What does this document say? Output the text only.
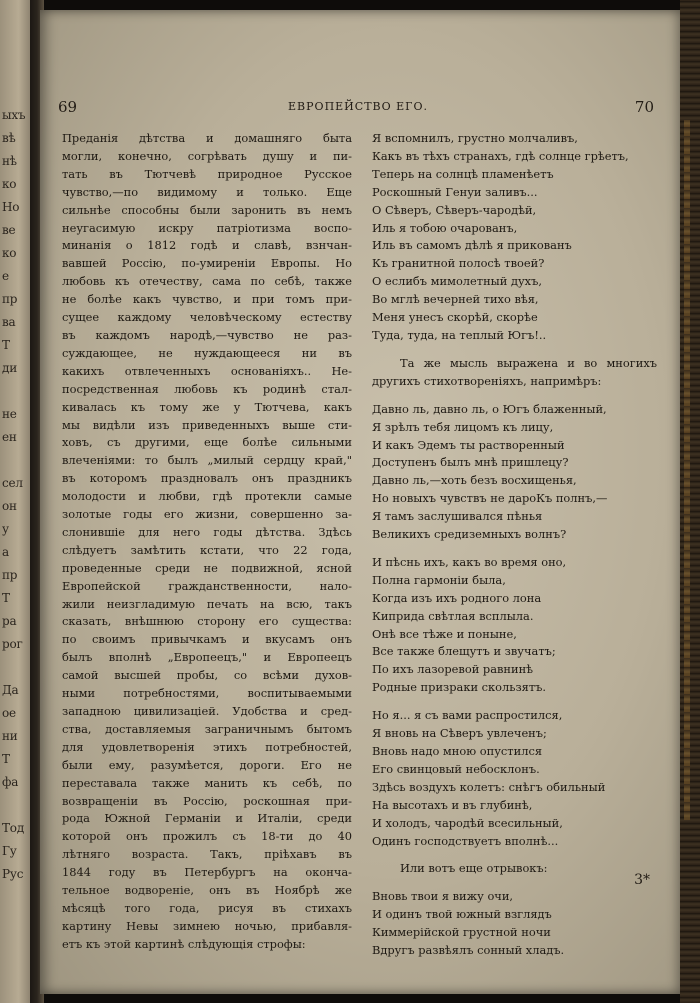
ыхъ
вѣ
нѣ
ко
Но
ве
ко
е
пр
ва
Т
ди
не
ен
сел
он
у
а
пр
Т
ра
рог
Да
ое
ни
Т
фа
Тод
Гу
Рус
69	ЕВРОПЕЙСТВО ЕГО.	70
Преданія дѣтства и домашняго быта
могли, конечно, согрѣвать душу и пи-
тать въ Тютчевѣ природное Русское
чувство,—по видимому и только. Еще
сильнѣе способны были заронить въ немъ
неугасимую искру патріотизма воспо-
минанія о 1812 годѣ и славѣ, взнчан-
вавшей Россію, по-умиреніи Европы. Но
любовь къ отечеству, сама по себѣ, также
не болѣе какъ чувство, и при томъ при-
сущее каждому человѣческому естеству
въ каждомъ народѣ,—чувство не раз-
суждающее, не нуждающееся ни въ
какихъ отвлеченныхъ основаніяхъ.. Не-
посредственная любовь къ родинѣ стал-
кивалась къ тому же у Тютчева, какъ
мы видѣли изъ приведенныхъ выше сти-
ховъ, съ другими, еще болѣе сильными
влеченіями: то былъ „милый сердцу край,"
въ которомъ праздновалъ онъ праздникъ
молодости и любви, гдѣ протекли самые
золотые годы его жизни, совершенно за-
слонившіе для него годы дѣтства. Здѣсь
слѣдуетъ замѣтить кстати, что 22 года,
проведенные среди не подвижной, ясной
Европейской гражданственности, нало-
жили неизгладимую печать на всю, такъ
сказать, внѣшнюю сторону его существа:
по своимъ привычкамъ и вкусамъ онъ
былъ вполнѣ „Европеецъ," и Европеецъ
самой высшей пробы, со всѣми духов-
ными потребностями, воспитываемыми
западною цивилизаціей. Удобства и сред-
ства, доставляемыя заграничнымъ бытомъ
для удовлетворенія этихъ потребностей,
были ему, разумѣется, дороги. Его не
переставала также манить къ себѣ, по
возвращеніи въ Россію, роскошная при-
рода Южной Германіи и Италіи, среди
которой онъ прожилъ съ 18-ти до 40
лѣтняго возраста. Такъ, пріѣхавъ въ
1844 году въ Петербургъ на оконча-
тельное водвореніе, онъ въ Ноябрѣ же
мѣсяцѣ того года, рисуя въ стихахъ
картину Невы зимнею ночью, прибавля-
етъ къ этой картинѣ слѣдующія строфы:
Я вспомнилъ, грустно молчаливъ,
Какъ въ тѣхъ странахъ, гдѣ солнце грѣетъ,
Теперь на солнцѣ пламенѣетъ
Роскошный Генуи заливъ...
О Сѣверъ, Сѣверъ-чародѣй,
Иль я тобою очарованъ,
Иль въ самомъ дѣлѣ я прикованъ
Къ гранитной полосѣ твоей?
О еслибъ мимолетный духъ,
Во мглѣ вечерней тихо вѣя,
Меня унесъ скорѣй, скорѣе
Туда, туда, на теплый Югъ!..
Та же мысль выражена и во многихъ другихъ стихотвореніяхъ, напримѣръ:
Давно ль, давно ль, о Югъ блаженный,
Я зрѣлъ тебя лицомъ къ лицу,
И какъ Эдемъ ты растворенный
Доступенъ былъ мнѣ пришлецу?
Давно ль,—хоть безъ восхищенья,
Но новыхъ чувствъ не дароКъ полнъ,—
Я тамъ заслушивался пѣнья
Великихъ средиземныхъ волнъ?
И пѣснь ихъ, какъ во время оно,
Полна гармоніи была,
Когда изъ ихъ родного лона
Киприда свѣтлая всплыла.
Онѣ все тѣже и поныне,
Все также блещутъ и звучатъ;
По ихъ лазоревой равнинѣ
Родные призраки скользятъ.
Но я... я съ вами распростился,
Я вновь на Сѣверъ увлеченъ;
Вновь надо мною опустился
Его свинцовый небосклонъ.
Здѣсь воздухъ колетъ: снѣгъ обильный
На высотахъ и въ глубинѣ,
И холодъ, чародѣй всесильный,
Одинъ господствуетъ вполнѣ...
Или вотъ еще отрывокъ:
Вновь твои я вижу очи,
И одинъ твой южный взглядъ
Киммерійской грустной ночи
Вдругъ развѣялъ сонный хладъ.
3*
